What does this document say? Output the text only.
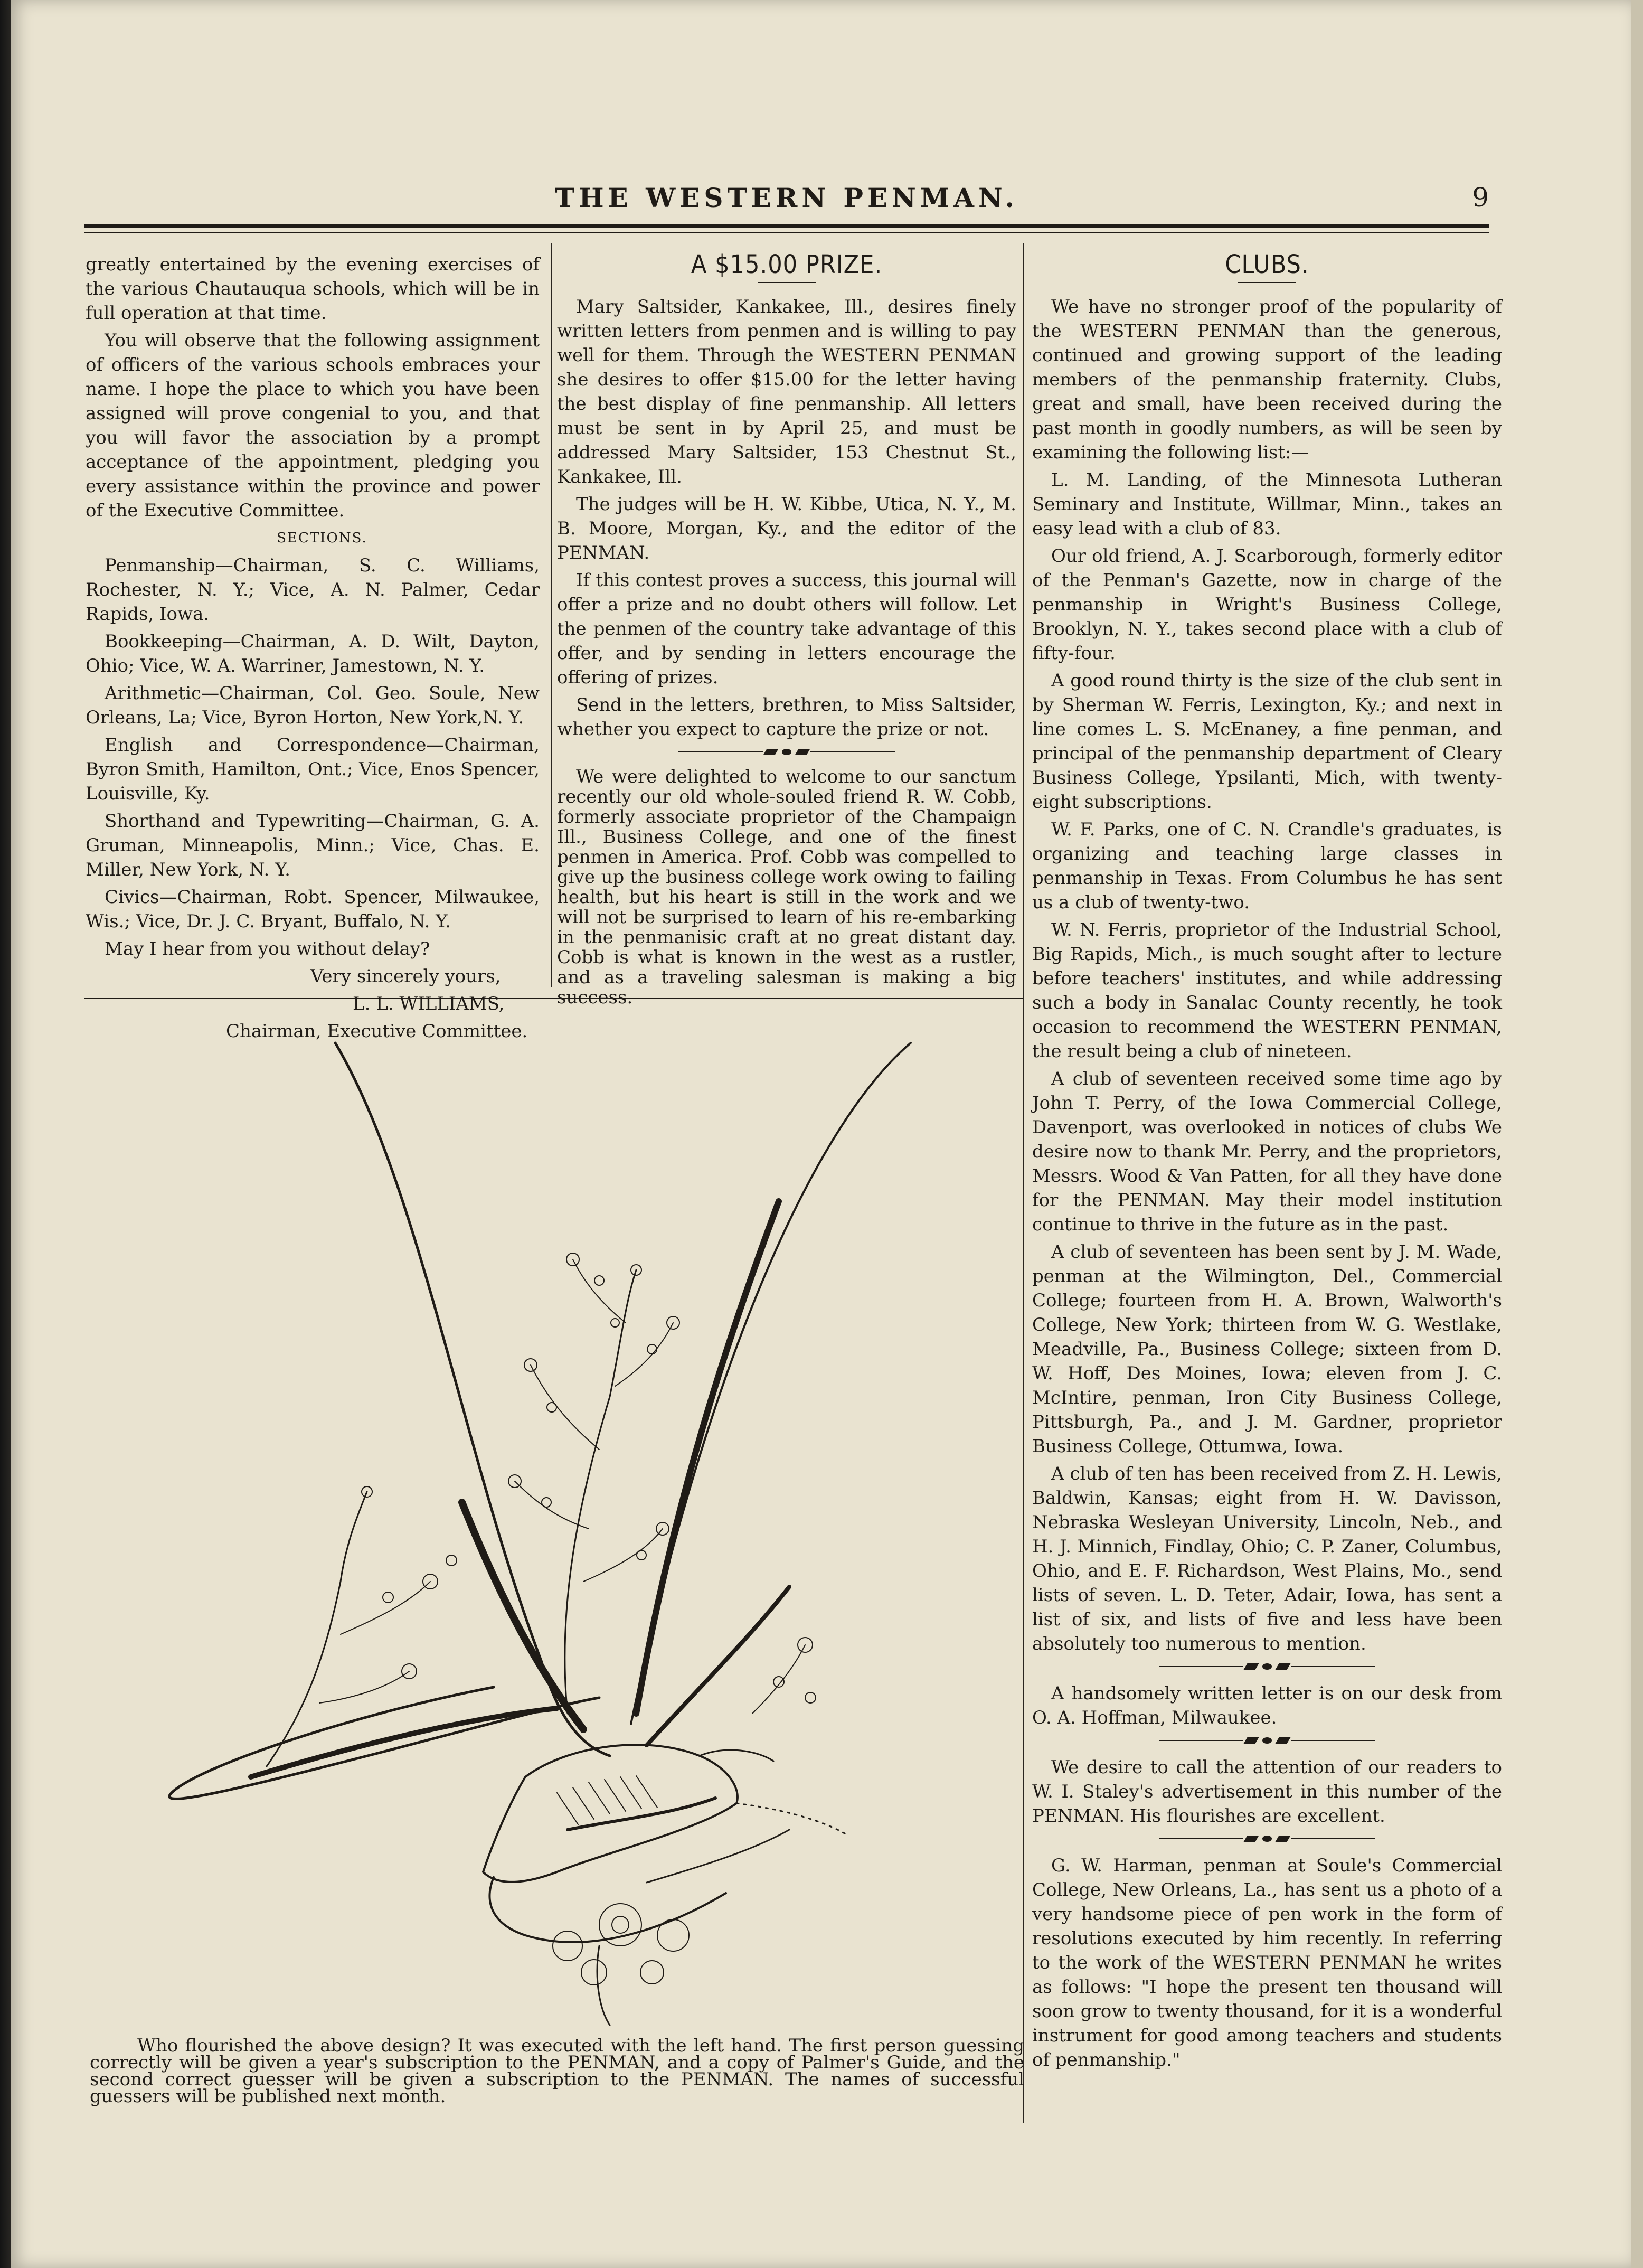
THE WESTERN PENMAN.	9

greatly entertained by the evening exercises of the various Chautauqua schools, which will be in full operation at that time.

You will observe that the following assignment of officers of the various schools embraces your name. I hope the place to which you have been assigned will prove congenial to you, and that you will favor the association by a prompt acceptance of the appointment, pledging you every assistance within the province and power of the Executive Committee.

SECTIONS.

Penmanship—Chairman, S. C. Williams, Rochester, N. Y.; Vice, A. N. Palmer, Cedar Rapids, Iowa.

Bookkeeping—Chairman, A. D. Wilt, Dayton, Ohio; Vice, W. A. Warriner, Jamestown, N. Y.

Arithmetic—Chairman, Col. Geo. Soule, New Orleans, La; Vice, Byron Horton, New York,N. Y.

English and Correspondence—Chairman, Byron Smith, Hamilton, Ont.; Vice, Enos Spencer, Louisville, Ky.

Shorthand and Typewriting—Chairman, G. A. Gruman, Minneapolis, Minn.; Vice, Chas. E. Miller, New York, N. Y.

Civics—Chairman, Robt. Spencer, Milwaukee, Wis.; Vice, Dr. J. C. Bryant, Buffalo, N. Y.

May I hear from you without delay?

Very sincerely yours,

L. L. WILLIAMS,

Chairman, Executive Committee.

A $15.00 PRIZE.

Mary Saltsider, Kankakee, Ill., desires finely written letters from penmen and is willing to pay well for them. Through the WESTERN PENMAN she desires to offer $15.00 for the letter having the best display of fine penmanship. All letters must be sent in by April 25, and must be addressed Mary Saltsider, 153 Chestnut St., Kankakee, Ill.

The judges will be H. W. Kibbe, Utica, N. Y., M. B. Moore, Morgan, Ky., and the editor of the PENMAN.

If this contest proves a success, this journal will offer a prize and no doubt others will follow. Let the penmen of the country take advantage of this offer, and by sending in letters encourage the offering of prizes.

Send in the letters, brethren, to Miss Saltsider, whether you expect to capture the prize or not.

We were delighted to welcome to our sanctum recently our old whole-souled friend R. W. Cobb, formerly associate proprietor of the Champaign Ill., Business College, and one of the finest penmen in America. Prof. Cobb was compelled to give up the business college work owing to failing health, but his heart is still in the work and we will not be surprised to learn of his re-embarking in the penmanisic craft at no great distant day. Cobb is what is known in the west as a rustler, and as a traveling salesman is making a big success.

CLUBS.

We have no stronger proof of the popularity of the WESTERN PENMAN than the generous, continued and growing support of the leading members of the penmanship fraternity. Clubs, great and small, have been received during the past month in goodly numbers, as will be seen by examining the following list:—

L. M. Landing, of the Minnesota Lutheran Seminary and Institute, Willmar, Minn., takes an easy lead with a club of 83.

Our old friend, A. J. Scarborough, formerly editor of the Penman's Gazette, now in charge of the penmanship in Wright's Business College, Brooklyn, N. Y., takes second place with a club of fifty-four.

A good round thirty is the size of the club sent in by Sherman W. Ferris, Lexington, Ky.; and next in line comes L. S. McEnaney, a fine penman, and principal of the penmanship department of Cleary Business College, Ypsilanti, Mich, with twenty-eight subscriptions.

W. F. Parks, one of C. N. Crandle's graduates, is organizing and teaching large classes in penmanship in Texas. From Columbus he has sent us a club of twenty-two.

W. N. Ferris, proprietor of the Industrial School, Big Rapids, Mich., is much sought after to lecture before teachers' institutes, and while addressing such a body in Sanalac County recently, he took occasion to recommend the WESTERN PENMAN, the result being a club of nineteen.

A club of seventeen received some time ago by John T. Perry, of the Iowa Commercial College, Davenport, was overlooked in notices of clubs We desire now to thank Mr. Perry, and the proprietors, Messrs. Wood & Van Patten, for all they have done for the PENMAN. May their model institution continue to thrive in the future as in the past.

A club of seventeen has been sent by J. M. Wade, penman at the Wilmington, Del., Commercial College; fourteen from H. A. Brown, Walworth's College, New York; thirteen from W. G. Westlake, Meadville, Pa., Business College; sixteen from D. W. Hoff, Des Moines, Iowa; eleven from J. C. McIntire, penman, Iron City Business College, Pittsburgh, Pa., and J. M. Gardner, proprietor Business College, Ottumwa, Iowa.

A club of ten has been received from Z. H. Lewis, Baldwin, Kansas; eight from H. W. Davisson, Nebraska Wesleyan University, Lincoln, Neb., and H. J. Minnich, Findlay, Ohio; C. P. Zaner, Columbus, Ohio, and E. F. Richardson, West Plains, Mo., send lists of seven. L. D. Teter, Adair, Iowa, has sent a list of six, and lists of five and less have been absolutely too numerous to mention.

A handsomely written letter is on our desk from O. A. Hoffman, Milwaukee.

We desire to call the attention of our readers to W. I. Staley's advertisement in this number of the PENMAN. His flourishes are excellent.

G. W. Harman, penman at Soule's Commercial College, New Orleans, La., has sent us a photo of a very handsome piece of pen work in the form of resolutions executed by him recently. In referring to the work of the WESTERN PENMAN he writes as follows: "I hope the present ten thousand will soon grow to twenty thousand, for it is a wonderful instrument for good among teachers and students of penmanship."

Who flourished the above design? It was executed with the left hand. The first person guessing correctly will be given a year's subscription to the PENMAN, and a copy of Palmer's Guide, and the second correct guesser will be given a subscription to the PENMAN. The names of successful guessers will be published next month.
